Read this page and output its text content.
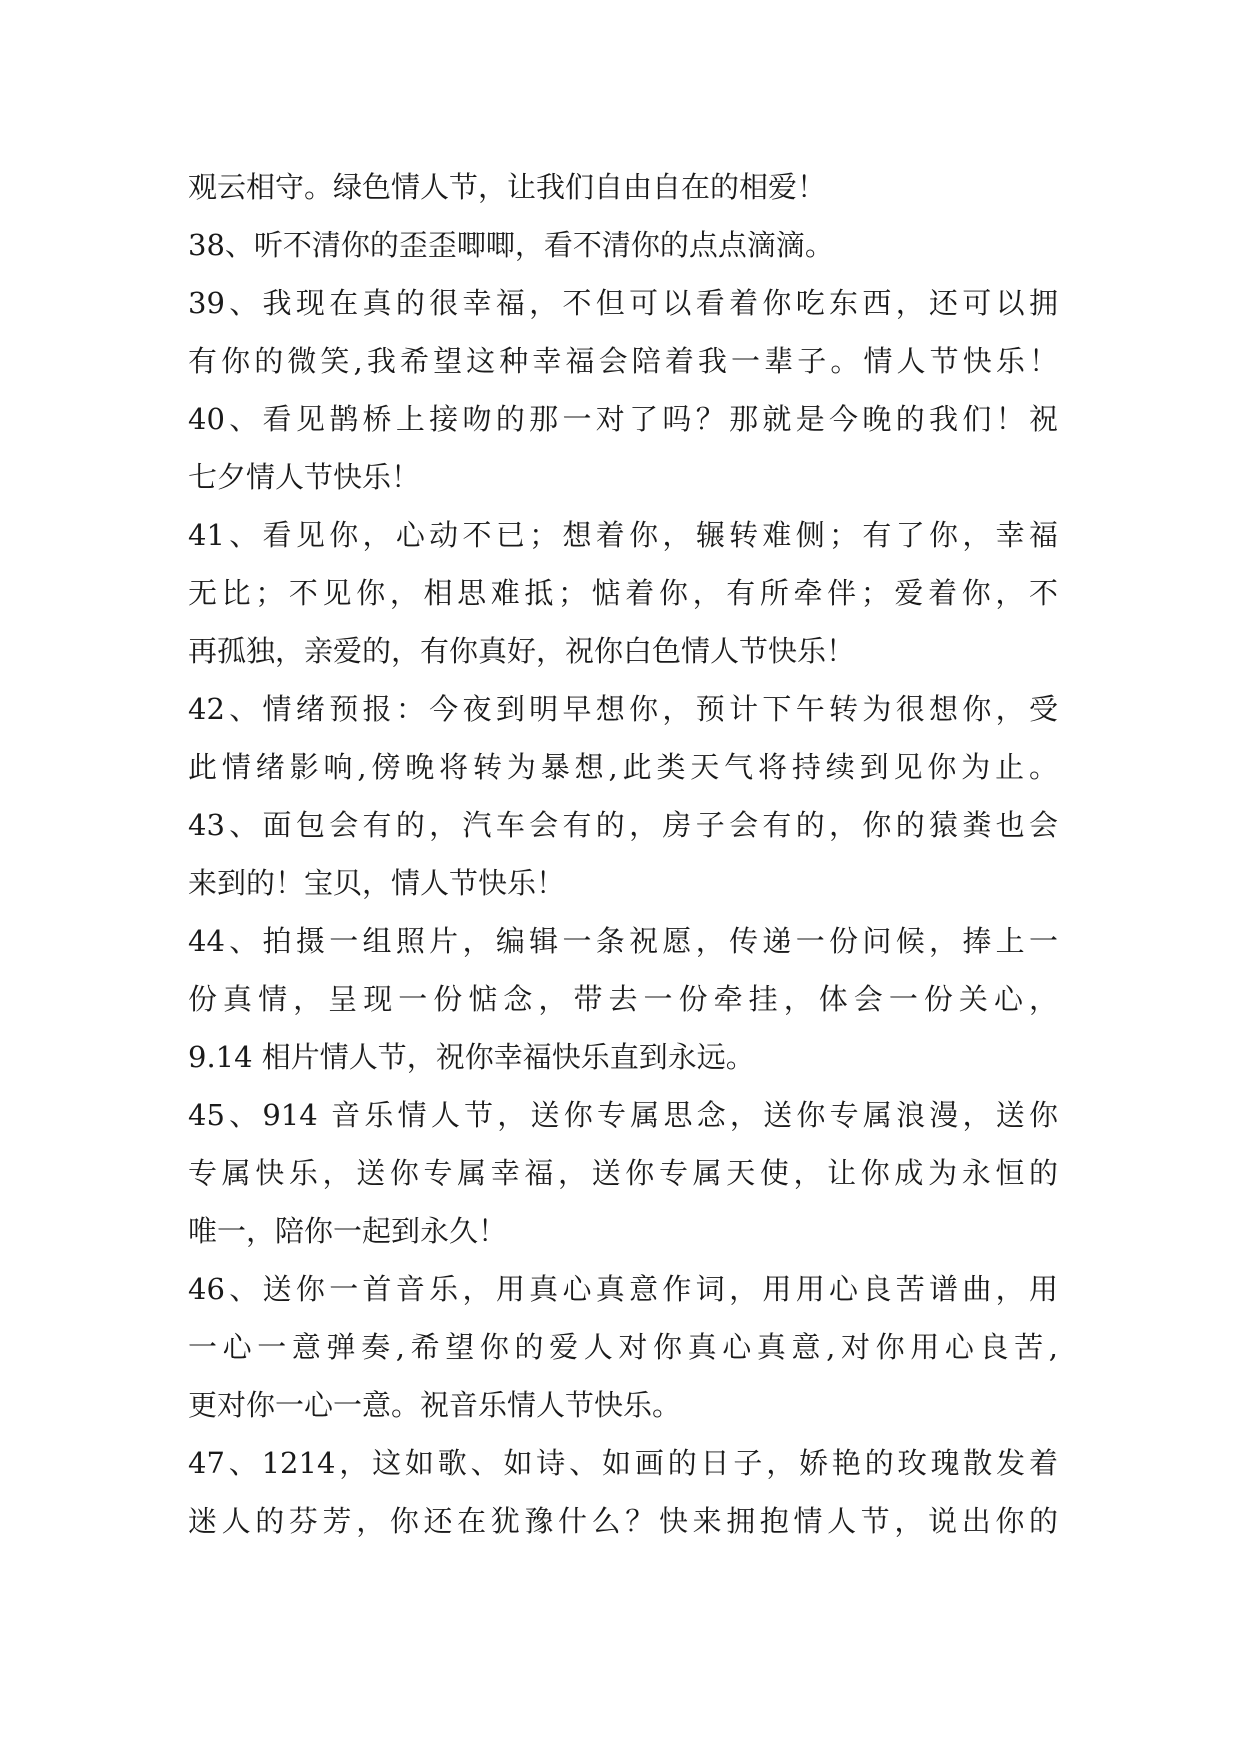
观云相守。绿色情人节，让我们自由自在的相爱！
38、听不清你的歪歪唧唧，看不清你的点点滴滴。
39、我现在真的很幸福，不但可以看着你吃东西，还可以拥
有你的微笑,我希望这种幸福会陪着我一辈子。情人节快乐！
40、看见鹊桥上接吻的那一对了吗？那就是今晚的我们！祝
七夕情人节快乐！
41、看见你，心动不已；想着你，辗转难侧；有了你，幸福
无比；不见你，相思难抵；惦着你，有所牵伴；爱着你，不
再孤独，亲爱的，有你真好，祝你白色情人节快乐！
42、情绪预报：今夜到明早想你，预计下午转为很想你，受
此情绪影响,傍晚将转为暴想,此类天气将持续到见你为止。
43、面包会有的，汽车会有的，房子会有的，你的猿粪也会
来到的！宝贝，情人节快乐！
44、拍摄一组照片，编辑一条祝愿，传递一份问候，捧上一
份真情，呈现一份惦念，带去一份牵挂，体会一份关心，
9.14 相片情人节，祝你幸福快乐直到永远。
45、914 音乐情人节，送你专属思念，送你专属浪漫，送你
专属快乐，送你专属幸福，送你专属天使，让你成为永恒的
唯一，陪你一起到永久！
46、送你一首音乐，用真心真意作词，用用心良苦谱曲，用
一心一意弹奏,希望你的爱人对你真心真意,对你用心良苦,
更对你一心一意。祝音乐情人节快乐。
47、1214，这如歌、如诗、如画的日子，娇艳的玫瑰散发着
迷人的芬芳，你还在犹豫什么？快来拥抱情人节，说出你的
